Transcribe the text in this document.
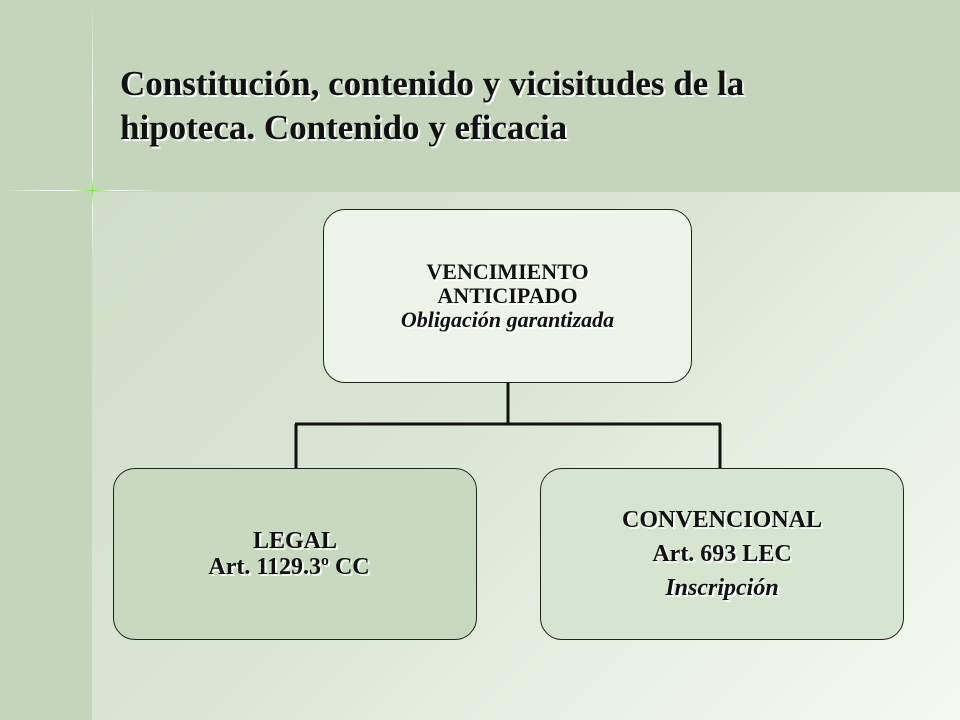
Constitución, contenido y vicisitudes de la
hipoteca. Contenido y eficacia
VENCIMIENTO
ANTICIPADO
Obligación garantizada
LEGAL
Art. 1129.3º CC
CONVENCIONAL
Art. 693 LEC
Inscripción
